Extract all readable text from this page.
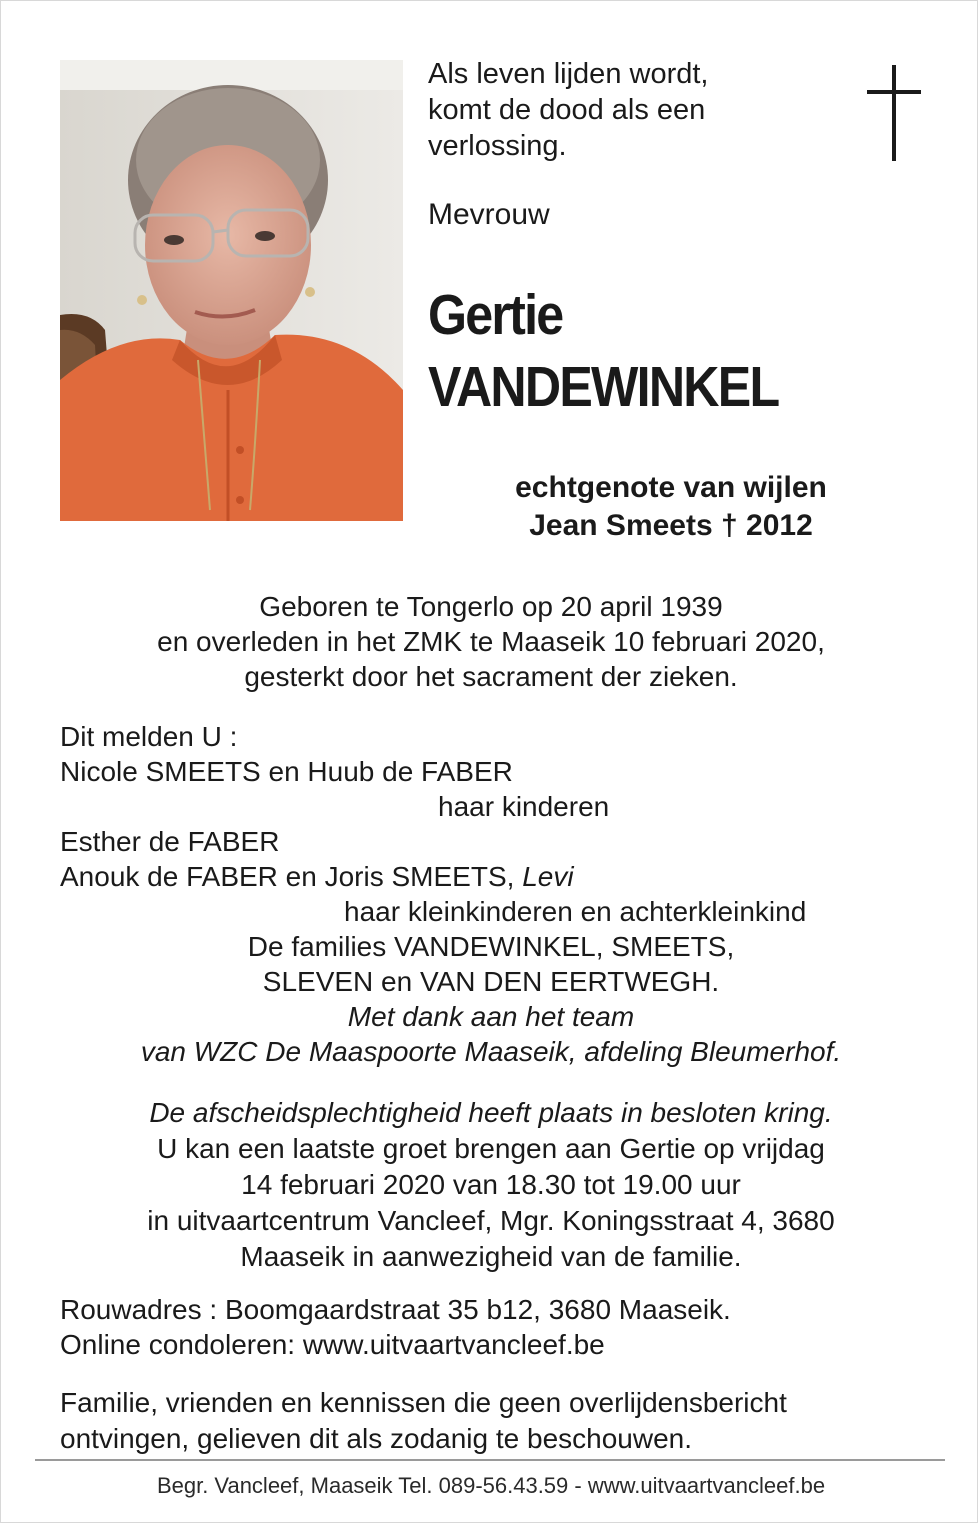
Als leven lijden wordt,
komt de dood als een
verlossing.
Mevrouw
Gertie
VANDEWINKEL
echtgenote van wijlen
Jean Smeets † 2012
Geboren te Tongerlo op 20 april 1939
en overleden in het ZMK te Maaseik 10 februari 2020,
gesterkt door het sacrament der zieken.
Dit melden U :
Nicole SMEETS en Huub de FABER
haar kinderen
Esther de FABER
Anouk de FABER en Joris SMEETS, Levi
haar kleinkinderen en achterkleinkind
De families VANDEWINKEL, SMEETS,
SLEVEN en VAN DEN EERTWEGH.
Met dank aan het team
van WZC De Maaspoorte Maaseik, afdeling Bleumerhof.
De afscheidsplechtigheid heeft plaats in besloten kring.
U kan een laatste groet brengen aan Gertie op vrijdag
14 februari 2020 van 18.30 tot 19.00 uur
in uitvaartcentrum Vancleef, Mgr. Koningsstraat 4, 3680
Maaseik in aanwezigheid van de familie.
Rouwadres : Boomgaardstraat 35 b12, 3680 Maaseik.
Online condoleren: www.uitvaartvancleef.be
Familie, vrienden en kennissen die geen overlijdensbericht
ontvingen, gelieven dit als zodanig te beschouwen.
Begr. Vancleef, Maaseik Tel. 089-56.43.59 - www.uitvaartvancleef.be
